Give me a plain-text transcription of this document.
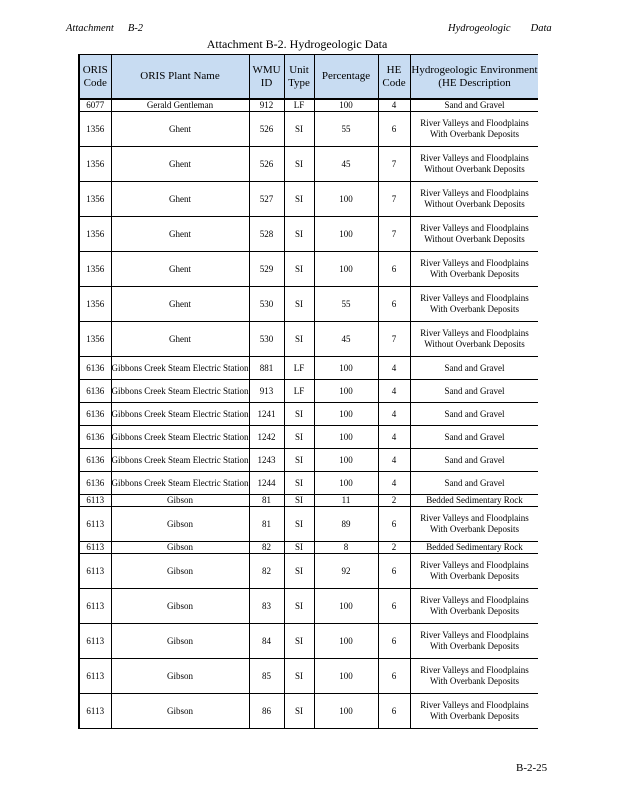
Attachment B-2	Hydrogeologic Data
Attachment B-2. Hydrogeologic Data
ORIS Code	ORIS Plant Name	WMU ID	Unit Type	Percentage	HE Code	Hydrogeologic Environment (HE Description
6077	Gerald Gentleman	912	LF	100	4	Sand and Gravel
1356	Ghent	526	SI	55	6	River Valleys and Floodplains With Overbank Deposits

1356	Ghent	526	SI	45	7	River Valleys and Floodplains Without Overbank Deposits

1356	Ghent	527	SI	100	7	River Valleys and Floodplains Without Overbank Deposits

1356	Ghent	528	SI	100	7	River Valleys and Floodplains Without Overbank Deposits

1356	Ghent	529	SI	100	6	River Valleys and Floodplains With Overbank Deposits

1356	Ghent	530	SI	55	6	River Valleys and Floodplains With Overbank Deposits

1356	Ghent	530	SI	45	7	River Valleys and Floodplains Without Overbank Deposits

6136	Gibbons Creek Steam Electric Station	881	LF	100	4	Sand and Gravel

6136	Gibbons Creek Steam Electric Station	913	LF	100	4	Sand and Gravel

6136	Gibbons Creek Steam Electric Station	1241	SI	100	4	Sand and Gravel

6136	Gibbons Creek Steam Electric Station	1242	SI	100	4	Sand and Gravel

6136	Gibbons Creek Steam Electric Station	1243	SI	100	4	Sand and Gravel

6136	Gibbons Creek Steam Electric Station	1244	SI	100	4	Sand and Gravel

6113	Gibson	81	SI	11	2	Bedded Sedimentary Rock
6113	Gibson	81	SI	89	6	River Valleys and Floodplains With Overbank Deposits

6113	Gibson	82	SI	8	2	Bedded Sedimentary Rock
6113	Gibson	82	SI	92	6	River Valleys and Floodplains With Overbank Deposits

6113	Gibson	83	SI	100	6	River Valleys and Floodplains With Overbank Deposits

6113	Gibson	84	SI	100	6	River Valleys and Floodplains With Overbank Deposits

6113	Gibson	85	SI	100	6	River Valleys and Floodplains With Overbank Deposits

6113	Gibson	86	SI	100	6	River Valleys and Floodplains With Overbank Deposits
B-2-25
